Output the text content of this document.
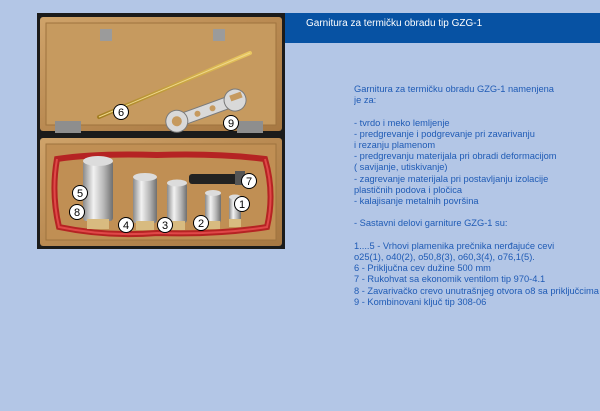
6
9
7
5
1
8
4	3	2
Garnitura za termičku obradu tip GZG-1
Garnitura za termičku obradu GZG-1 namenjena
je za:
- tvrdo i meko lemljenje
- predgrevanje i podgrevanje pri zavarivanju
i rezanju plamenom
- predgrevanju materijala pri obradi deformacijom
( savijanje, utiskivanje)
- zagrevanje materijala pri postavljanju izolacije
plastičnih podova i pločica
- kalajisanje metalnih površina
- Sastavni delovi garniture GZG-1 su:
1....5 - Vrhovi plamenika prečnika nerđajuće cevi
o25(1), o40(2), o50,8(3), o60,3(4), o76,1(5).
6 - Priključna cev dužine 500 mm
7 - Rukohvat sa ekonomik ventilom tip 970-4.1
8 - Zavarivačko crevo unutrašnjeg otvora o8 sa priključcima
9 - Kombinovani ključ tip 308-06
